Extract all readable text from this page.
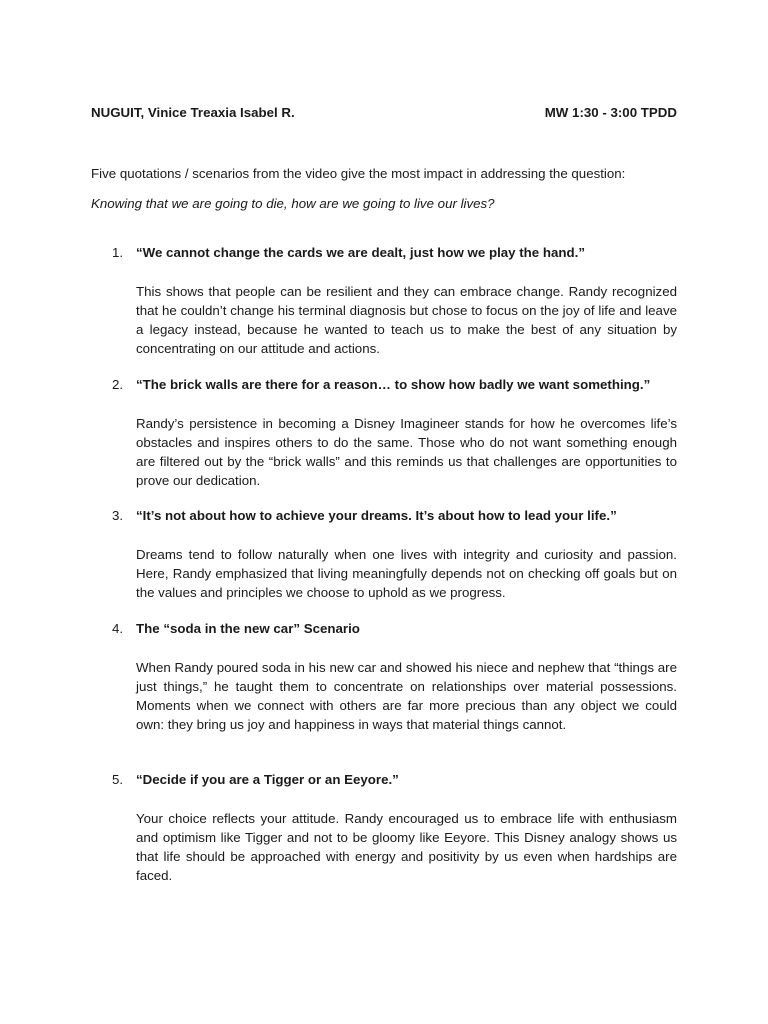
NUGUIT, Vinice Treaxia Isabel R.	MW 1:30 - 3:00 TPDD
Five quotations / scenarios from the video give the most impact in addressing the question:
Knowing that we are going to die, how are we going to live our lives?
1. “We cannot change the cards we are dealt, just how we play the hand.”
This shows that people can be resilient and they can embrace change. Randy recognized that he couldn’t change his terminal diagnosis but chose to focus on the joy of life and leave a legacy instead, because he wanted to teach us to make the best of any situation by concentrating on our attitude and actions.
2. “The brick walls are there for a reason… to show how badly we want something.”
Randy’s persistence in becoming a Disney Imagineer stands for how he overcomes life’s obstacles and inspires others to do the same. Those who do not want something enough are filtered out by the “brick walls” and this reminds us that challenges are opportunities to prove our dedication.
3. “It’s not about how to achieve your dreams. It’s about how to lead your life.”
Dreams tend to follow naturally when one lives with integrity and curiosity and passion. Here, Randy emphasized that living meaningfully depends not on checking off goals but on the values and principles we choose to uphold as we progress.
4. The “soda in the new car” Scenario
When Randy poured soda in his new car and showed his niece and nephew that “things are just things,” he taught them to concentrate on relationships over material possessions. Moments when we connect with others are far more precious than any object we could own: they bring us joy and happiness in ways that material things cannot.
5. “Decide if you are a Tigger or an Eeyore.”
Your choice reflects your attitude. Randy encouraged us to embrace life with enthusiasm and optimism like Tigger and not to be gloomy like Eeyore. This Disney analogy shows us that life should be approached with energy and positivity by us even when hardships are faced.
